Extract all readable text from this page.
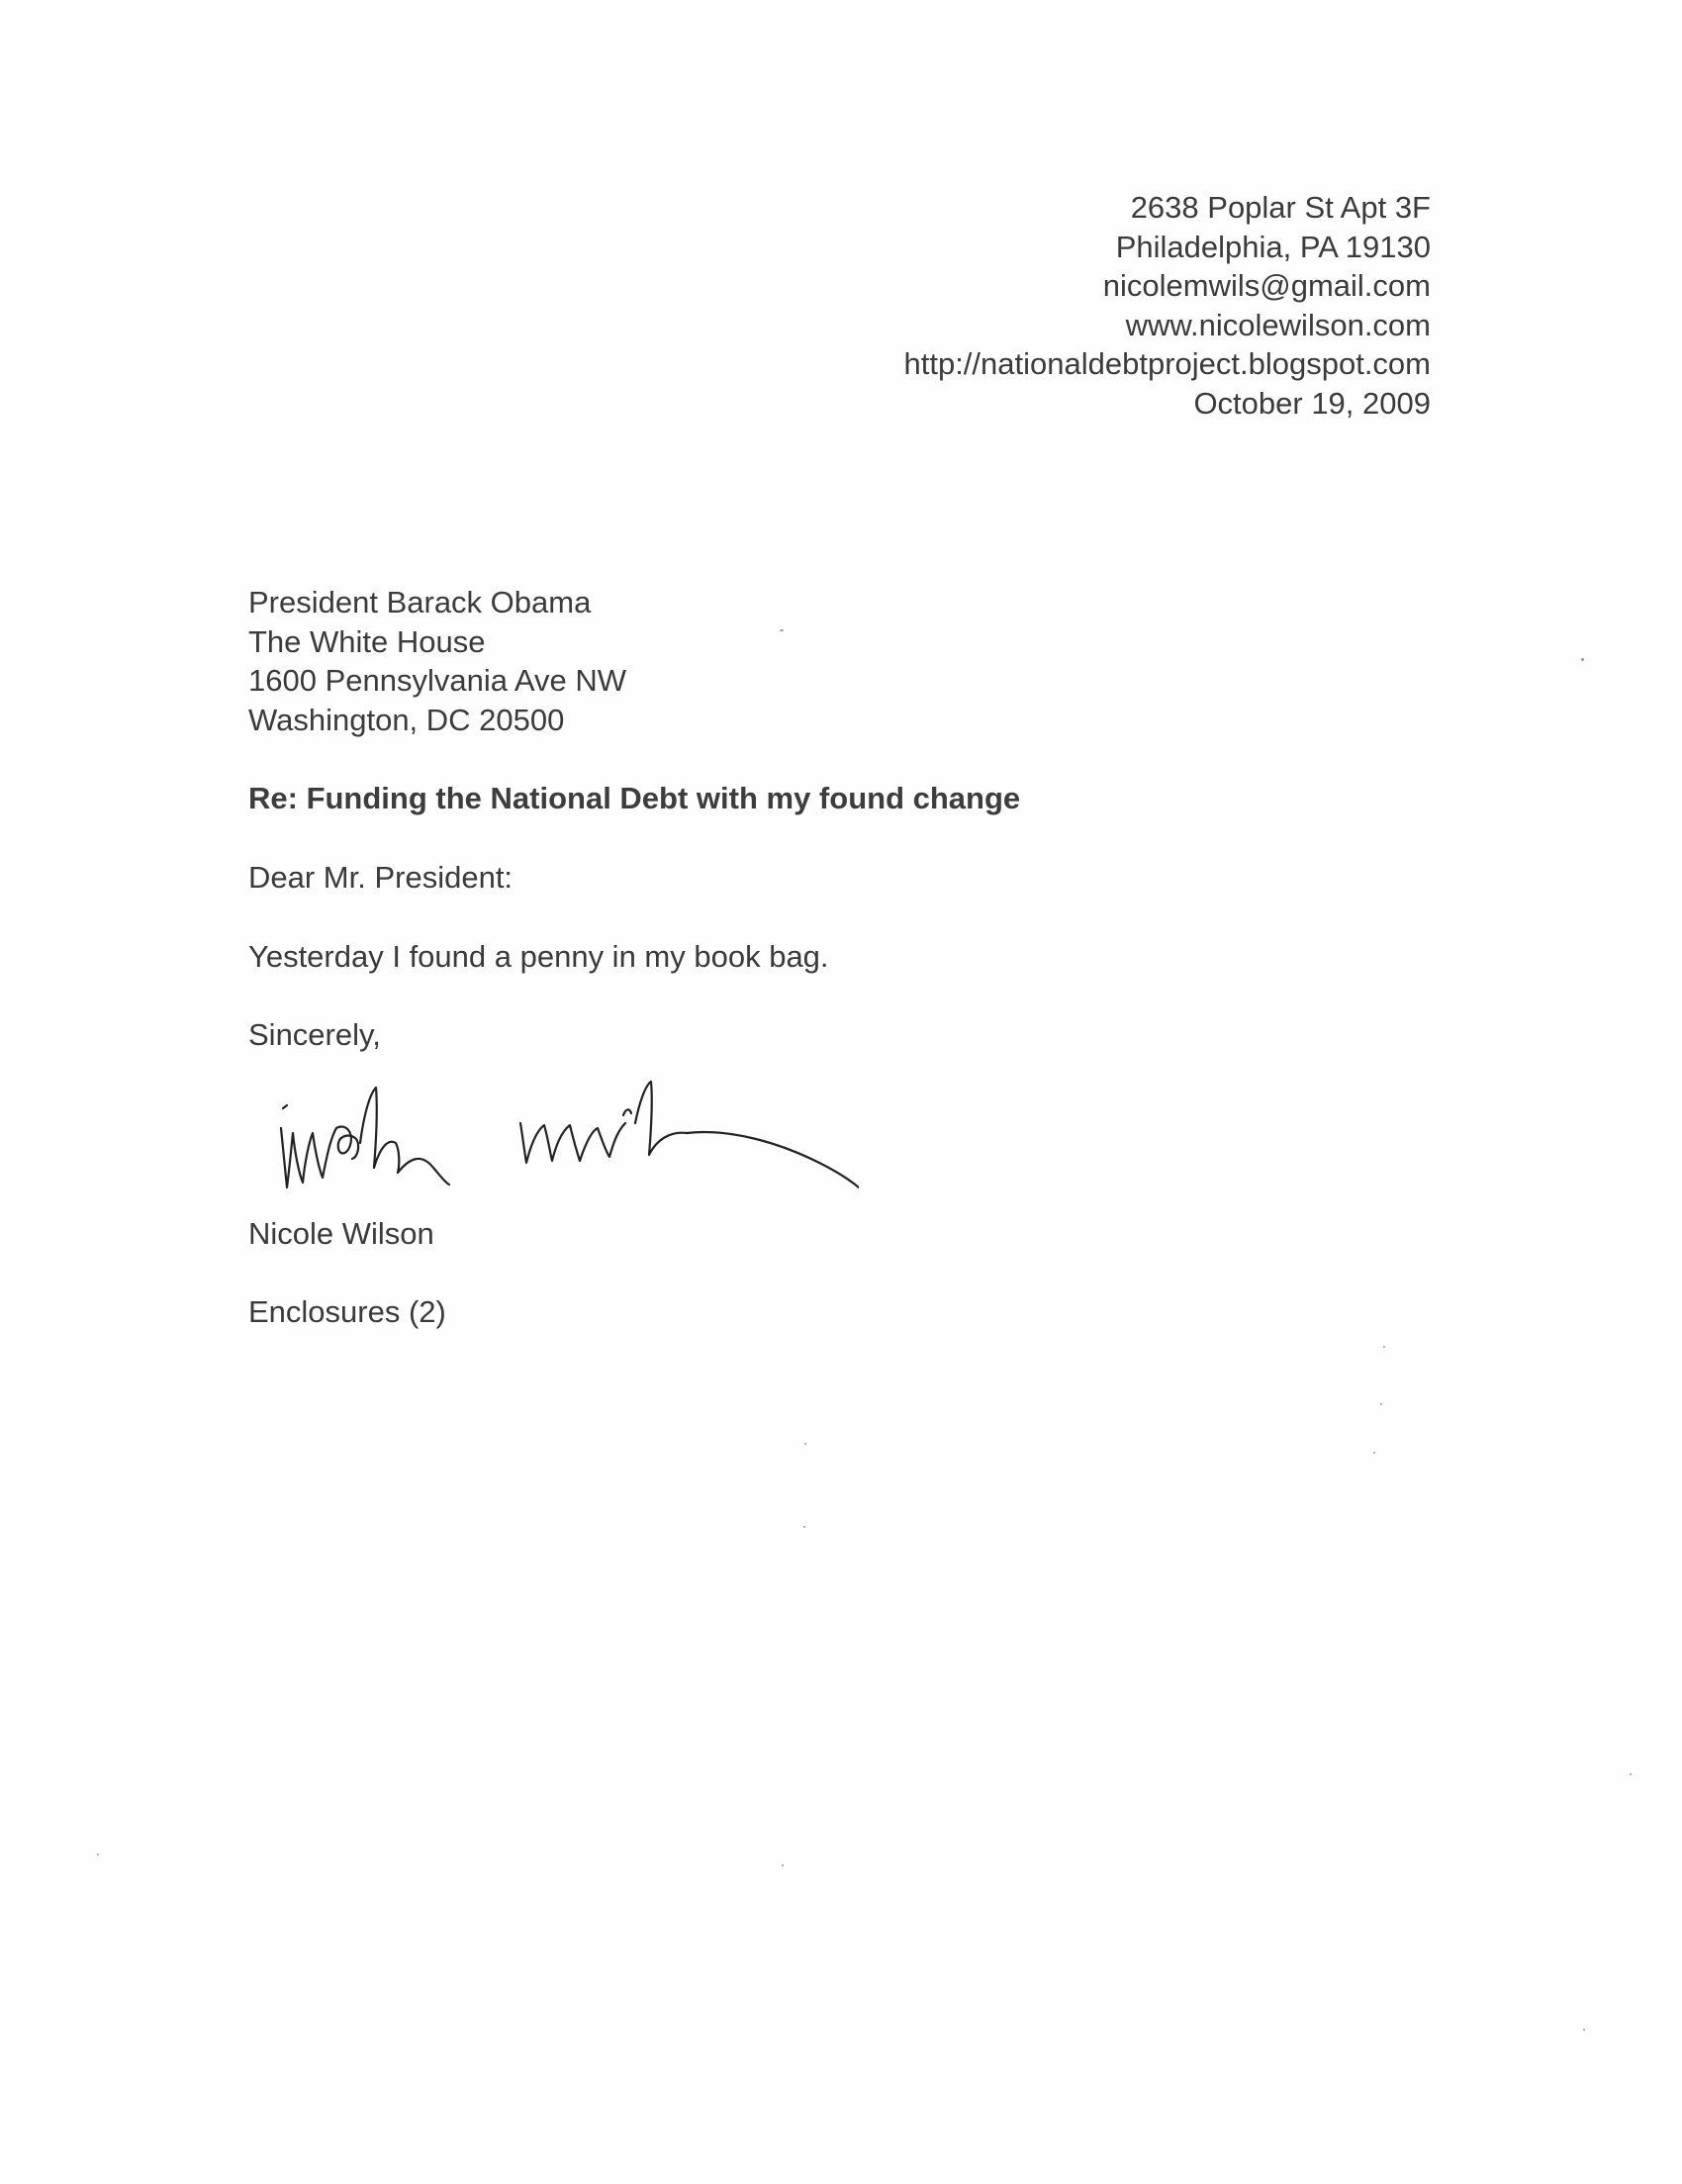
2638 Poplar St Apt 3F
Philadelphia, PA 19130
nicolemwils@gmail.com
www.nicolewilson.com
http://nationaldebtproject.blogspot.com
October 19, 2009
President Barack Obama
The White House
1600 Pennsylvania Ave NW
Washington, DC 20500
Re: Funding the National Debt with my found change
Dear Mr. President:
Yesterday I found a penny in my book bag.
Sincerely,
Nicole Wilson
Enclosures (2)
